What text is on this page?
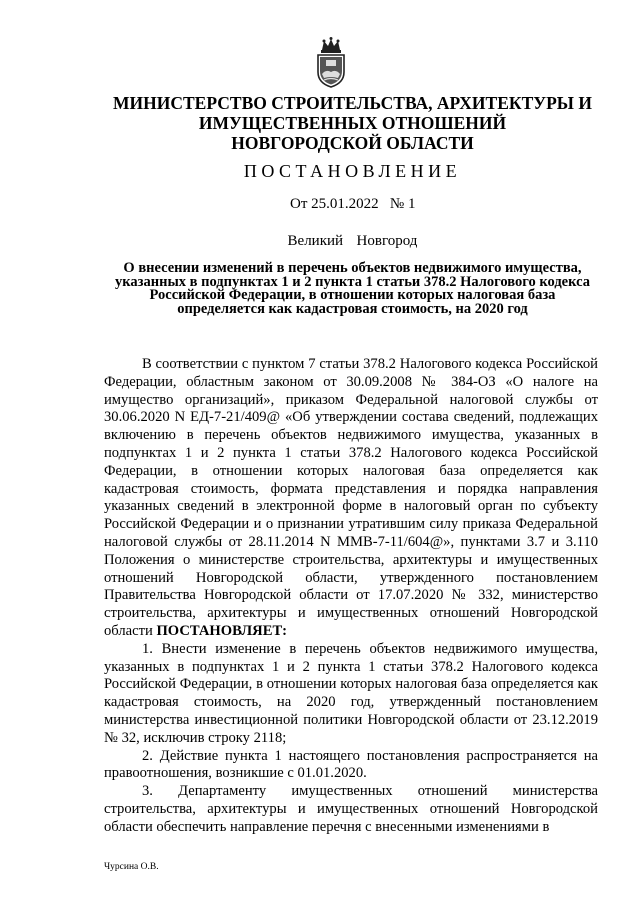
МИНИСТЕРСТВО СТРОИТЕЛЬСТВА, АРХИТЕКТУРЫ И
ИМУЩЕСТВЕННЫХ ОТНОШЕНИЙ
НОВГОРОДСКОЙ ОБЛАСТИ
ПОСТАНОВЛЕНИЕ
От 25.01.2022   № 1
Великий  Новгород
О внесении изменений в перечень объектов недвижимого имущества,
указанных в подпунктах 1 и 2 пункта 1 статьи 378.2 Налогового кодекса
Российской Федерации, в отношении которых налоговая база
определяется как кадастровая стоимость, на 2020 год

В соответствии с пунктом 7 статьи 378.2 Налогового кодекса Российской Федерации, областным законом от 30.09.2008 № 384-ОЗ «О налоге на имущество организаций», приказом Федеральной налоговой службы от 30.06.2020 N ЕД-7-21/409@ «Об утверждении состава сведений, подлежащих включению в перечень объектов недвижимого имущества, указанных в подпунктах 1 и 2 пункта 1 статьи 378.2 Налогового кодекса Российской Федерации, в отношении которых налоговая база определяется как кадастровая стоимость, формата представления и порядка направления указанных сведений в электронной форме в налоговый орган по субъекту Российской Федерации и о признании утратившим силу приказа Федеральной налоговой службы от 28.11.2014 N ММВ-7-11/604@», пунктами 3.7 и 3.110 Положения о министерстве строительства, архитектуры и имущественных отношений Новгородской области, утвержденного постановлением Правительства Новгородской области от 17.07.2020 № 332, министерство строительства, архитектуры и имущественных отношений Новгородской области ПОСТАНОВЛЯЕТ:

1. Внести изменение в перечень объектов недвижимого имущества, указанных в подпунктах 1 и 2 пункта 1 статьи 378.2 Налогового кодекса Российской Федерации, в отношении которых налоговая база определяется как кадастровая стоимость, на 2020 год, утвержденный постановлением министерства инвестиционной политики Новгородской области от 23.12.2019 № 32, исключив строку 2118;

2. Действие пункта 1 настоящего постановления распространяется на правоотношения, возникшие с 01.01.2020.

3. Департаменту имущественных отношений министерства строительства, архитектуры и имущественных отношений Новгородской области обеспечить направление перечня с внесенными изменениями в

Чурсина О.В.
